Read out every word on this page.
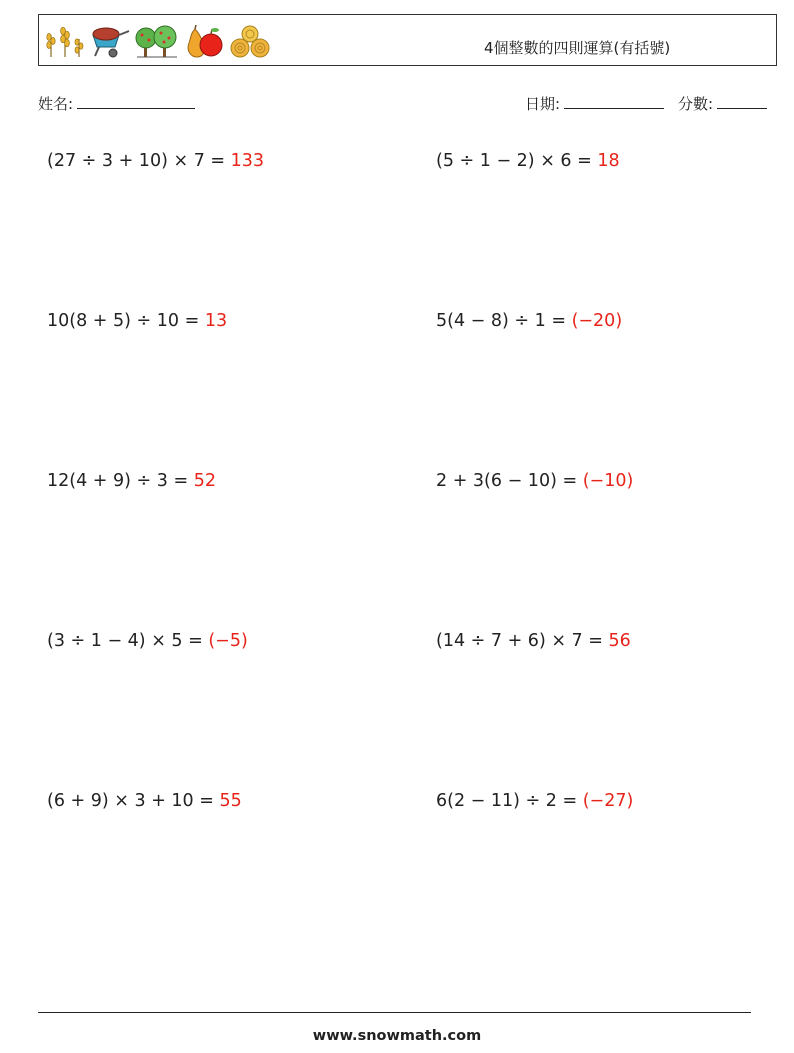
4個整數的四則運算(有括號)
姓名:	日期:	分數:
(27 ÷ 3 + 10) × 7 = 133	(5 ÷ 1 − 2) × 6 = 18
10(8 + 5) ÷ 10 = 13	5(4 − 8) ÷ 1 = (−20)
12(4 + 9) ÷ 3 = 52	2 + 3(6 − 10) = (−10)
(3 ÷ 1 − 4) × 5 = (−5)	(14 ÷ 7 + 6) × 7 = 56
(6 + 9) × 3 + 10 = 55	6(2 − 11) ÷ 2 = (−27)
www.snowmath.com
